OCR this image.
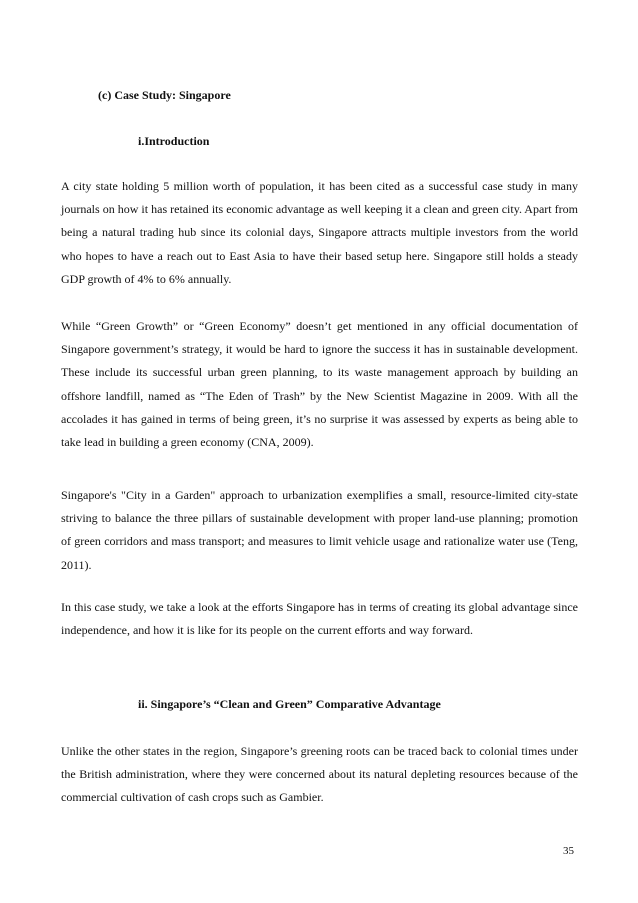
(c) Case Study: Singapore
i.Introduction

A city state holding 5 million worth of population, it has been cited as a successful case study in many journals on how it has retained its economic advantage as well keeping it a clean and green city. Apart from being a natural trading hub since its colonial days, Singapore attracts multiple investors from the world who hopes to have a reach out to East Asia to have their based setup here. Singapore still holds a steady GDP growth of 4% to 6% annually.

While “Green Growth” or “Green Economy” doesn’t get mentioned in any official documentation of Singapore government’s strategy, it would be hard to ignore the success it has in sustainable development. These include its successful urban green planning, to its waste management approach by building an offshore landfill, named as “The Eden of Trash” by the New Scientist Magazine in 2009. With all the accolades it has gained in terms of being green, it’s no surprise it was assessed by experts as being able to take lead in building a green economy (CNA, 2009).

Singapore's "City in a Garden" approach to urbanization exemplifies a small, resource-limited city-state striving to balance the three pillars of sustainable development with proper land-use planning; promotion of green corridors and mass transport; and measures to limit vehicle usage and rationalize water use (Teng, 2011).

In this case study, we take a look at the efforts Singapore has in terms of creating its global advantage since independence, and how it is like for its people on the current efforts and way forward.

ii. Singapore’s “Clean and Green” Comparative Advantage

Unlike the other states in the region, Singapore’s greening roots can be traced back to colonial times under the British administration, where they were concerned about its natural depleting resources because of the commercial cultivation of cash crops such as Gambier.

35
